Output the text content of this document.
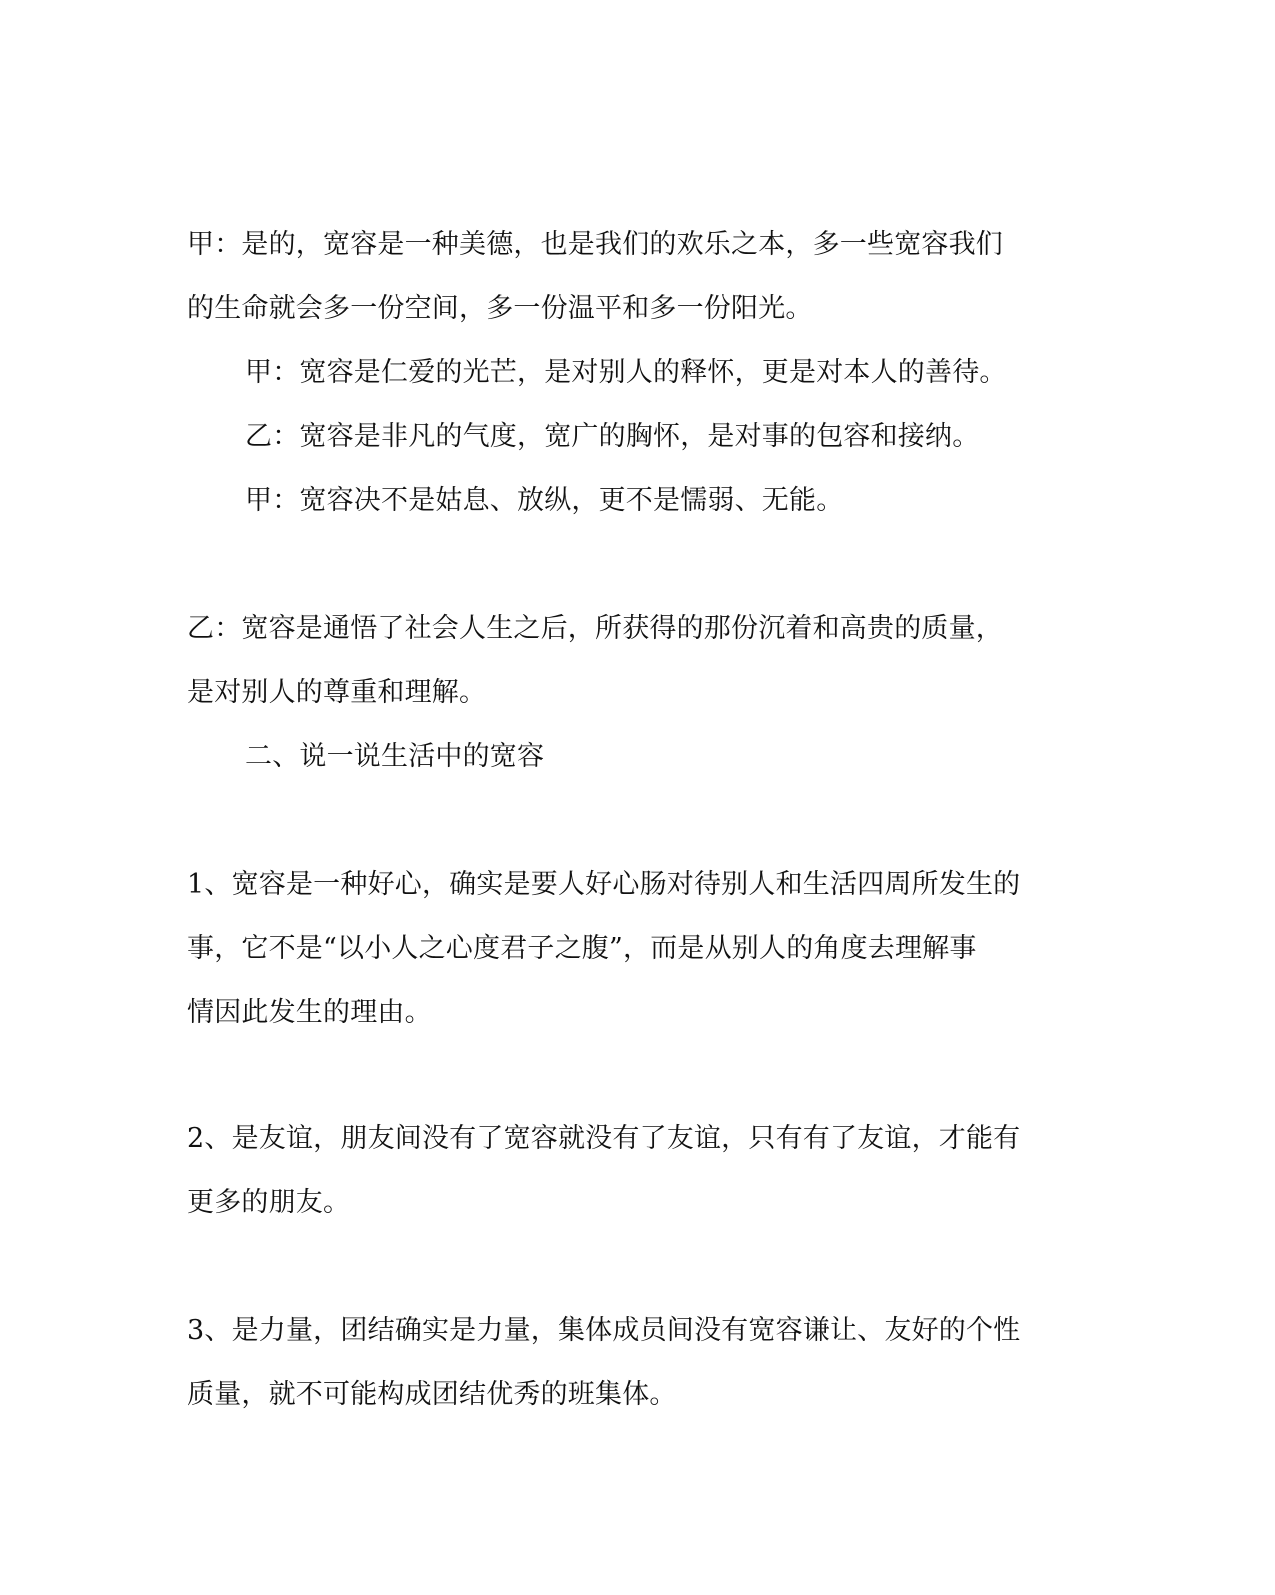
甲：是的，宽容是一种美德，也是我们的欢乐之本，多一些宽容我们
的生命就会多一份空间，多一份温平和多一份阳光。
甲：宽容是仁爱的光芒，是对别人的释怀，更是对本人的善待。
乙：宽容是非凡的气度，宽广的胸怀，是对事的包容和接纳。
甲：宽容决不是姑息、放纵，更不是懦弱、无能。
乙：宽容是通悟了社会人生之后，所获得的那份沉着和高贵的质量，
是对别人的尊重和理解。
二、说一说生活中的宽容
1、宽容是一种好心，确实是要人好心肠对待别人和生活四周所发生的
事，它不是“以小人之心度君子之腹”，而是从别人的角度去理解事
情因此发生的理由。
2、是友谊，朋友间没有了宽容就没有了友谊，只有有了友谊，才能有
更多的朋友。
3、是力量，团结确实是力量，集体成员间没有宽容谦让、友好的个性
质量，就不可能构成团结优秀的班集体。
